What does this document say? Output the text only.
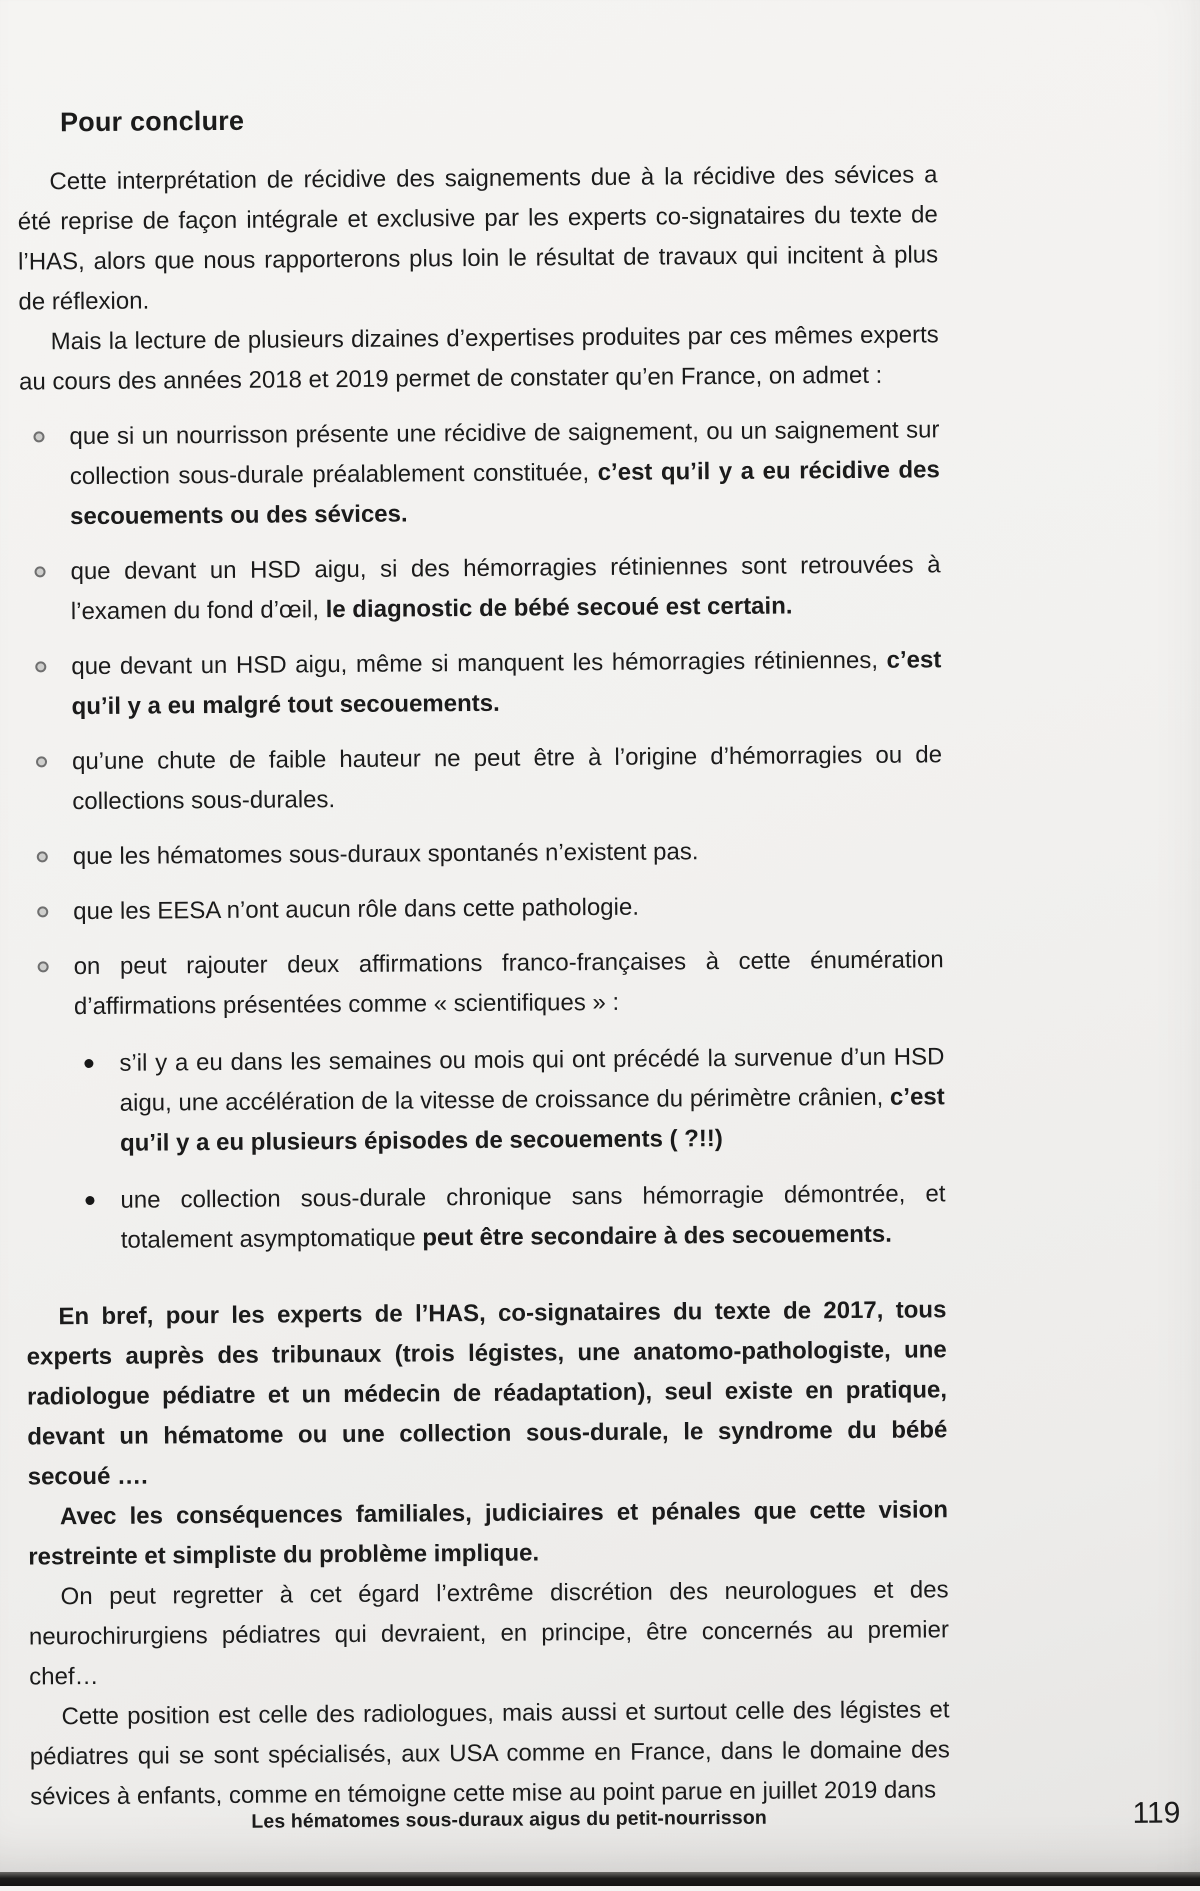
Pour conclure

Cette interprétation de récidive des saignements due à la récidive des sévices a été reprise de façon intégrale et exclusive par les experts co-signataires du texte de l’HAS, alors que nous rapporterons plus loin le résultat de travaux qui incitent à plus de réflexion.

Mais la lecture de plusieurs dizaines d’expertises produites par ces mêmes experts au cours des années 2018 et 2019 permet de constater qu’en France, on admet :

que si un nourrisson présente une récidive de saignement, ou un saignement sur collection sous-durale préalablement constituée, c’est qu’il y a eu récidive des secouements ou des sévices.
que devant un HSD aigu, si des hémorragies rétiniennes sont retrouvées à l’examen du fond d’œil, le diagnostic de bébé secoué est certain.
que devant un HSD aigu, même si manquent les hémorragies rétiniennes, c’est qu’il y a eu malgré tout secouements.
qu’une chute de faible hauteur ne peut être à l’origine d’hémorragies ou de collections sous-durales.
que les hématomes sous-duraux spontanés n’existent pas.
que les EESA n’ont aucun rôle dans cette pathologie.
on peut rajouter deux affirmations franco-françaises à cette énumération d’affirmations présentées comme « scientifiques » :
s’il y a eu dans les semaines ou mois qui ont précédé la survenue d’un HSD aigu, une accélération de la vitesse de croissance du périmètre crânien, c’est qu’il y a eu plusieurs épisodes de secouements ( ?!!)
une collection sous-durale chronique sans hémorragie démontrée, et totalement asymptomatique peut être secondaire à des secouements.

En bref, pour les experts de l’HAS, co-signataires du texte de 2017, tous experts auprès des tribunaux (trois légistes, une anatomo-pathologiste, une radiologue pédiatre et un médecin de réadaptation), seul existe en pratique, devant un hématome ou une collection sous-durale, le syndrome du bébé secoué ….

Avec les conséquences familiales, judiciaires et pénales que cette vision restreinte et simpliste du problème implique.

On peut regretter à cet égard l’extrême discrétion des neurologues et des neurochirurgiens pédiatres qui devraient, en principe, être concernés au premier chef…

Cette position est celle des radiologues, mais aussi et surtout celle des légistes et pédiatres qui se sont spécialisés, aux USA comme en France, dans le domaine des sévices à enfants, comme en témoigne cette mise au point parue en juillet 2019 dans

Les hématomes sous-duraux aigus du petit-nourrisson	119
